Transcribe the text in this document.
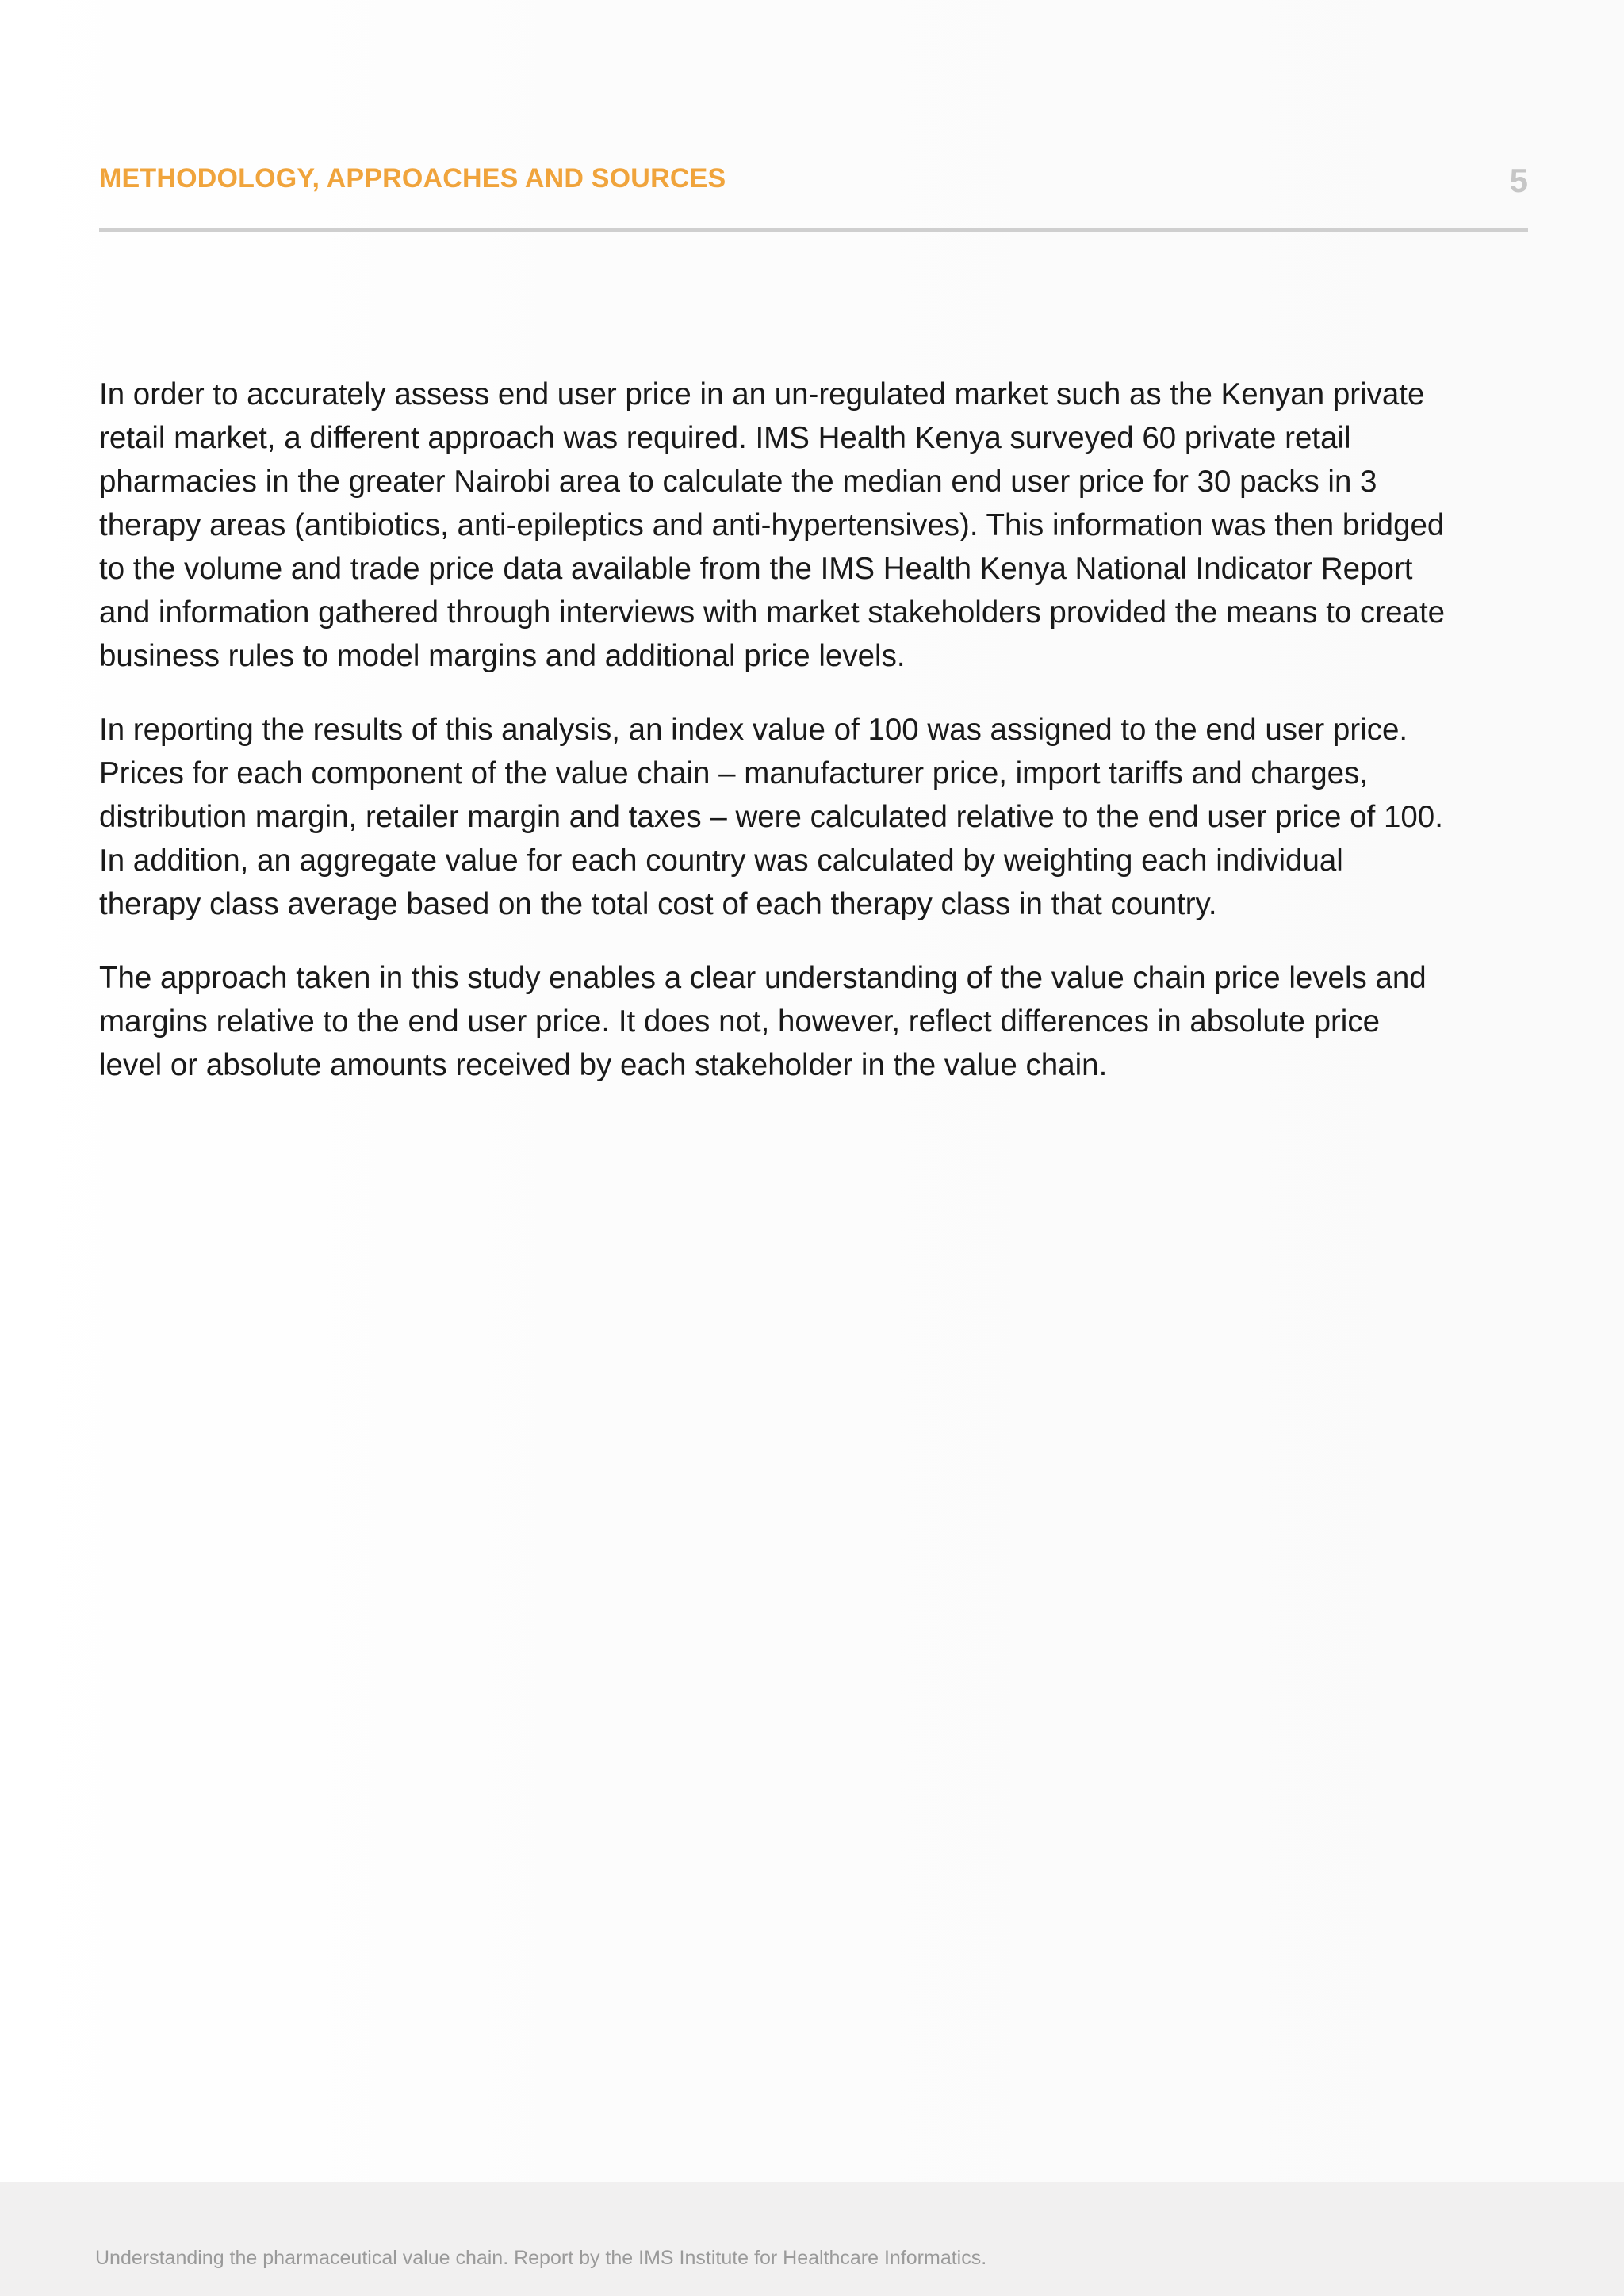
METHODOLOGY, APPROACHES AND SOURCES	5

In order to accurately assess end user price in an un-regulated market such as the Kenyan private retail market, a different approach was required. IMS Health Kenya surveyed 60 private retail pharmacies in the greater Nairobi area to calculate the median end user price for 30 packs in 3 therapy areas (antibiotics, anti-epileptics and anti-hypertensives). This information was then bridged to the volume and trade price data available from the IMS Health Kenya National Indicator Report and information gathered through interviews with market stakeholders provided the means to create business rules to model margins and additional price levels.

In reporting the results of this analysis, an index value of 100 was assigned to the end user price. Prices for each component of the value chain – manufacturer price, import tariffs and charges, distribution margin, retailer margin and taxes – were calculated relative to the end user price of 100. In addition, an aggregate value for each country was calculated by weighting each individual therapy class average based on the total cost of each therapy class in that country.

The approach taken in this study enables a clear understanding of the value chain price levels and margins relative to the end user price. It does not, however, reflect differences in absolute price level or absolute amounts received by each stakeholder in the value chain.

Understanding the pharmaceutical value chain. Report by the IMS Institute for Healthcare Informatics.
